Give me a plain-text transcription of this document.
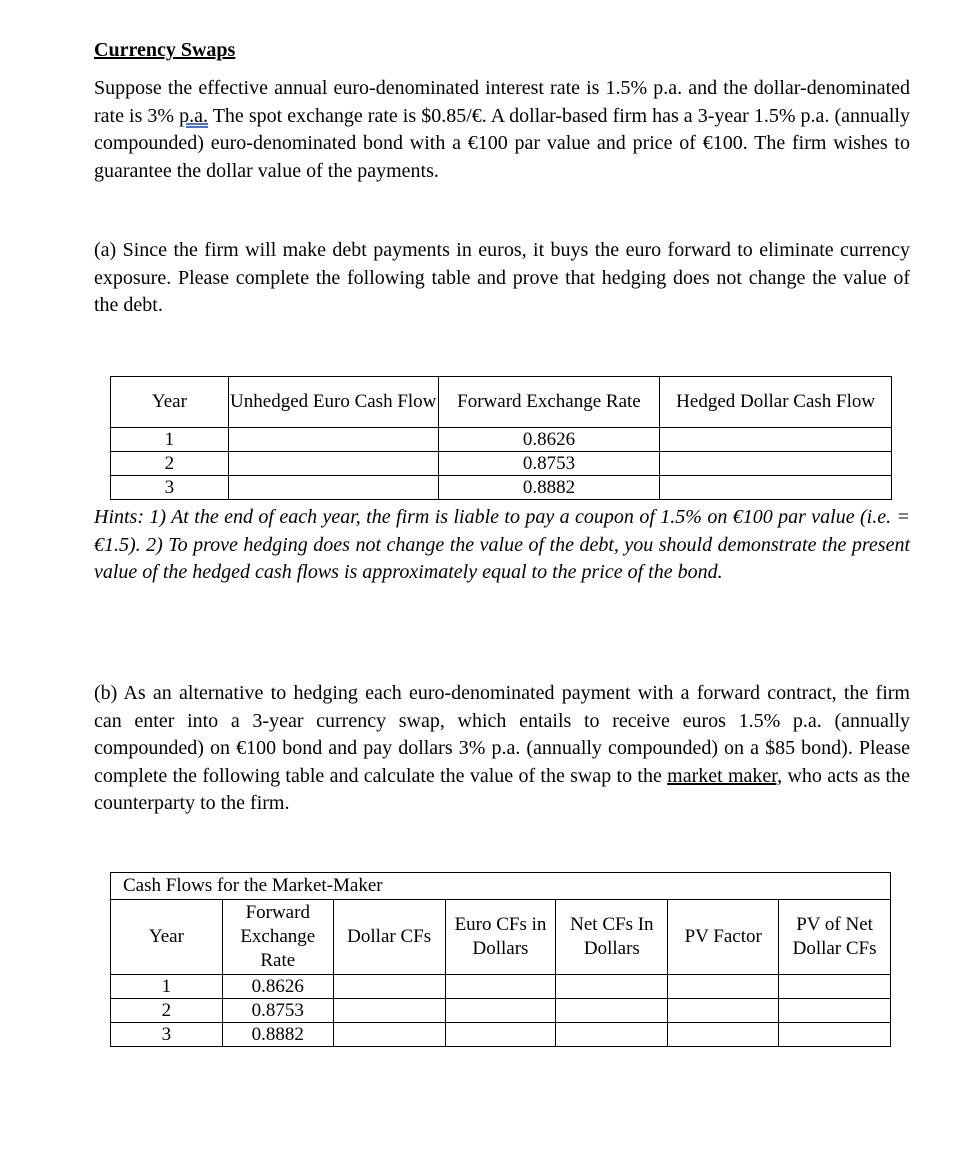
Currency Swaps

Suppose the effective annual euro-denominated interest rate is 1.5% p.a. and the dollar-denominated rate is 3% p.a. The spot exchange rate is $0.85/€. A dollar-based firm has a 3-year 1.5% p.a. (annually compounded) euro-denominated bond with a €100 par value and price of €100. The firm wishes to guarantee the dollar value of the payments.

(a) Since the firm will make debt payments in euros, it buys the euro forward to eliminate currency exposure. Please complete the following table and prove that hedging does not change the value of the debt.

Hints: 1) At the end of each year, the firm is liable to pay a coupon of 1.5% on €100 par value (i.e. = €1.5). 2) To prove hedging does not change the value of the debt, you should demonstrate the present value of the hedged cash flows is approximately equal to the price of the bond.

(b) As an alternative to hedging each euro-denominated payment with a forward contract, the firm can enter into a 3-year currency swap, which entails to receive euros 1.5% p.a. (annually compounded) on €100 bond and pay dollars 3% p.a. (annually compounded) on a $85 bond). Please complete the following table and calculate the value of the swap to the market maker, who acts as the counterparty to the firm.

Year	Unhedged Euro Cash Flow	Forward Exchange Rate	Hedged Dollar Cash Flow
1		0.8626	
2		0.8753	
3		0.8882	
Cash Flows for the Market-Maker						
Year	Forward Exchange Rate	Dollar CFs	Euro CFs in Dollars	Net CFs In Dollars	PV Factor	PV of Net Dollar CFs
1	0.8626					
2	0.8753					
3	0.8882					
